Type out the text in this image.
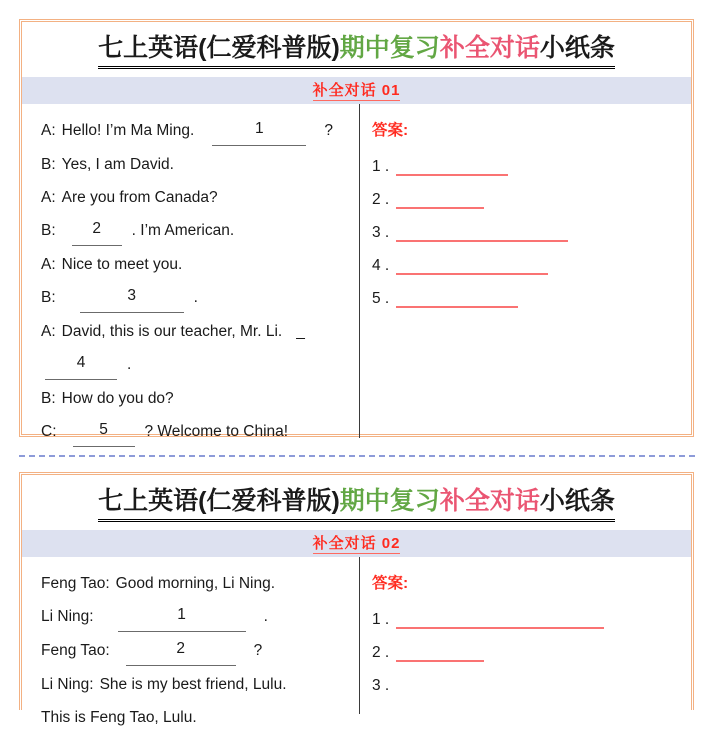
七上英语(仁爱科普版)期中复习补全对话小纸条
补全对话 01
A: Hello! I’m Ma Ming.	1	?
B: Yes, I am David.
A: Are you from Canada?
B:	2	. I’m American.
A: Nice to meet you.
B:	3	.
A: David, this is our teacher, Mr. Li. _
4	.
B: How do you do?
C:	5	? Welcome to China!
答案:
1 .
2 .
3 .
4 .
5 .
七上英语(仁爱科普版)期中复习补全对话小纸条
补全对话 02
Feng Tao: Good morning, Li Ning.
Li Ning:	1	.
Feng Tao:	2	?
Li Ning: She is my best friend, Lulu.
This is Feng Tao, Lulu.
答案:
1 .
2 .
3 .
